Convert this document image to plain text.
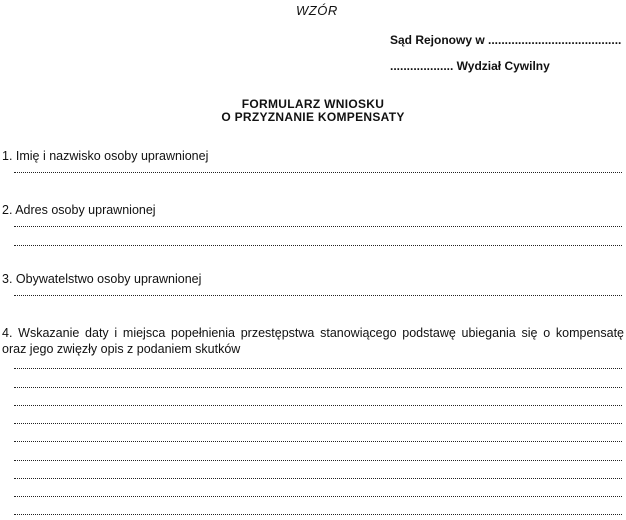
WZÓR
Sąd Rejonowy w ........................................
................... Wydział Cywilny
FORMULARZ WNIOSKU
O PRZYZNANIE KOMPENSATY
1. Imię i nazwisko osoby uprawnionej
2. Adres osoby uprawnionej
3. Obywatelstwo osoby uprawnionej
4. Wskazanie daty i miejsca popełnienia przestępstwa stanowiącego podstawę ubiegania się o kompensatę oraz jego zwięzły opis z podaniem skutków
